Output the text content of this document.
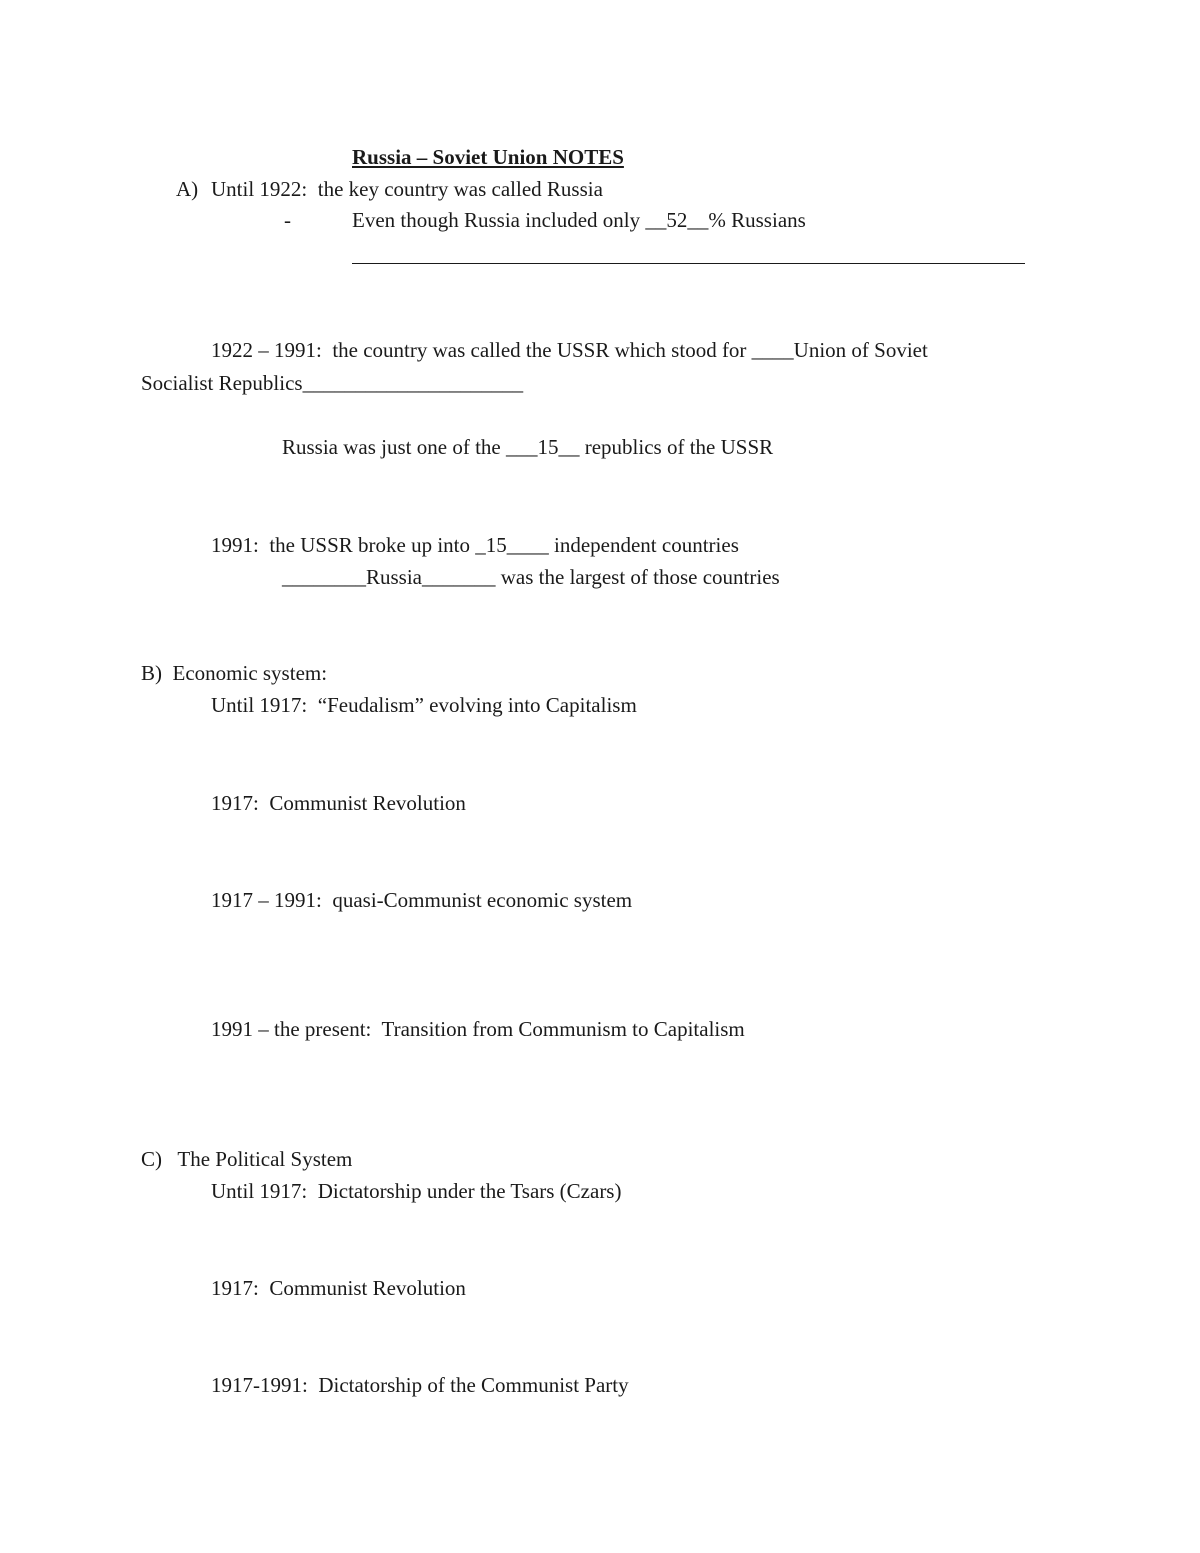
Russia – Soviet Union NOTES
A) Until 1922:  the key country was called Russia
-	Even though Russia included only __52__% Russians
1922 – 1991:  the country was called the USSR which stood for ____Union of Soviet
Socialist Republics_____________________
Russia was just one of the ___15__ republics of the USSR
1991:  the USSR broke up into _15____ independent countries
________Russia_______ was the largest of those countries
B)  Economic system:
Until 1917:  “Feudalism” evolving into Capitalism
1917:  Communist Revolution
1917 – 1991:  quasi-Communist economic system
1991 – the present:  Transition from Communism to Capitalism
C)   The Political System
Until 1917:  Dictatorship under the Tsars (Czars)
1917:  Communist Revolution
1917-1991:  Dictatorship of the Communist Party
